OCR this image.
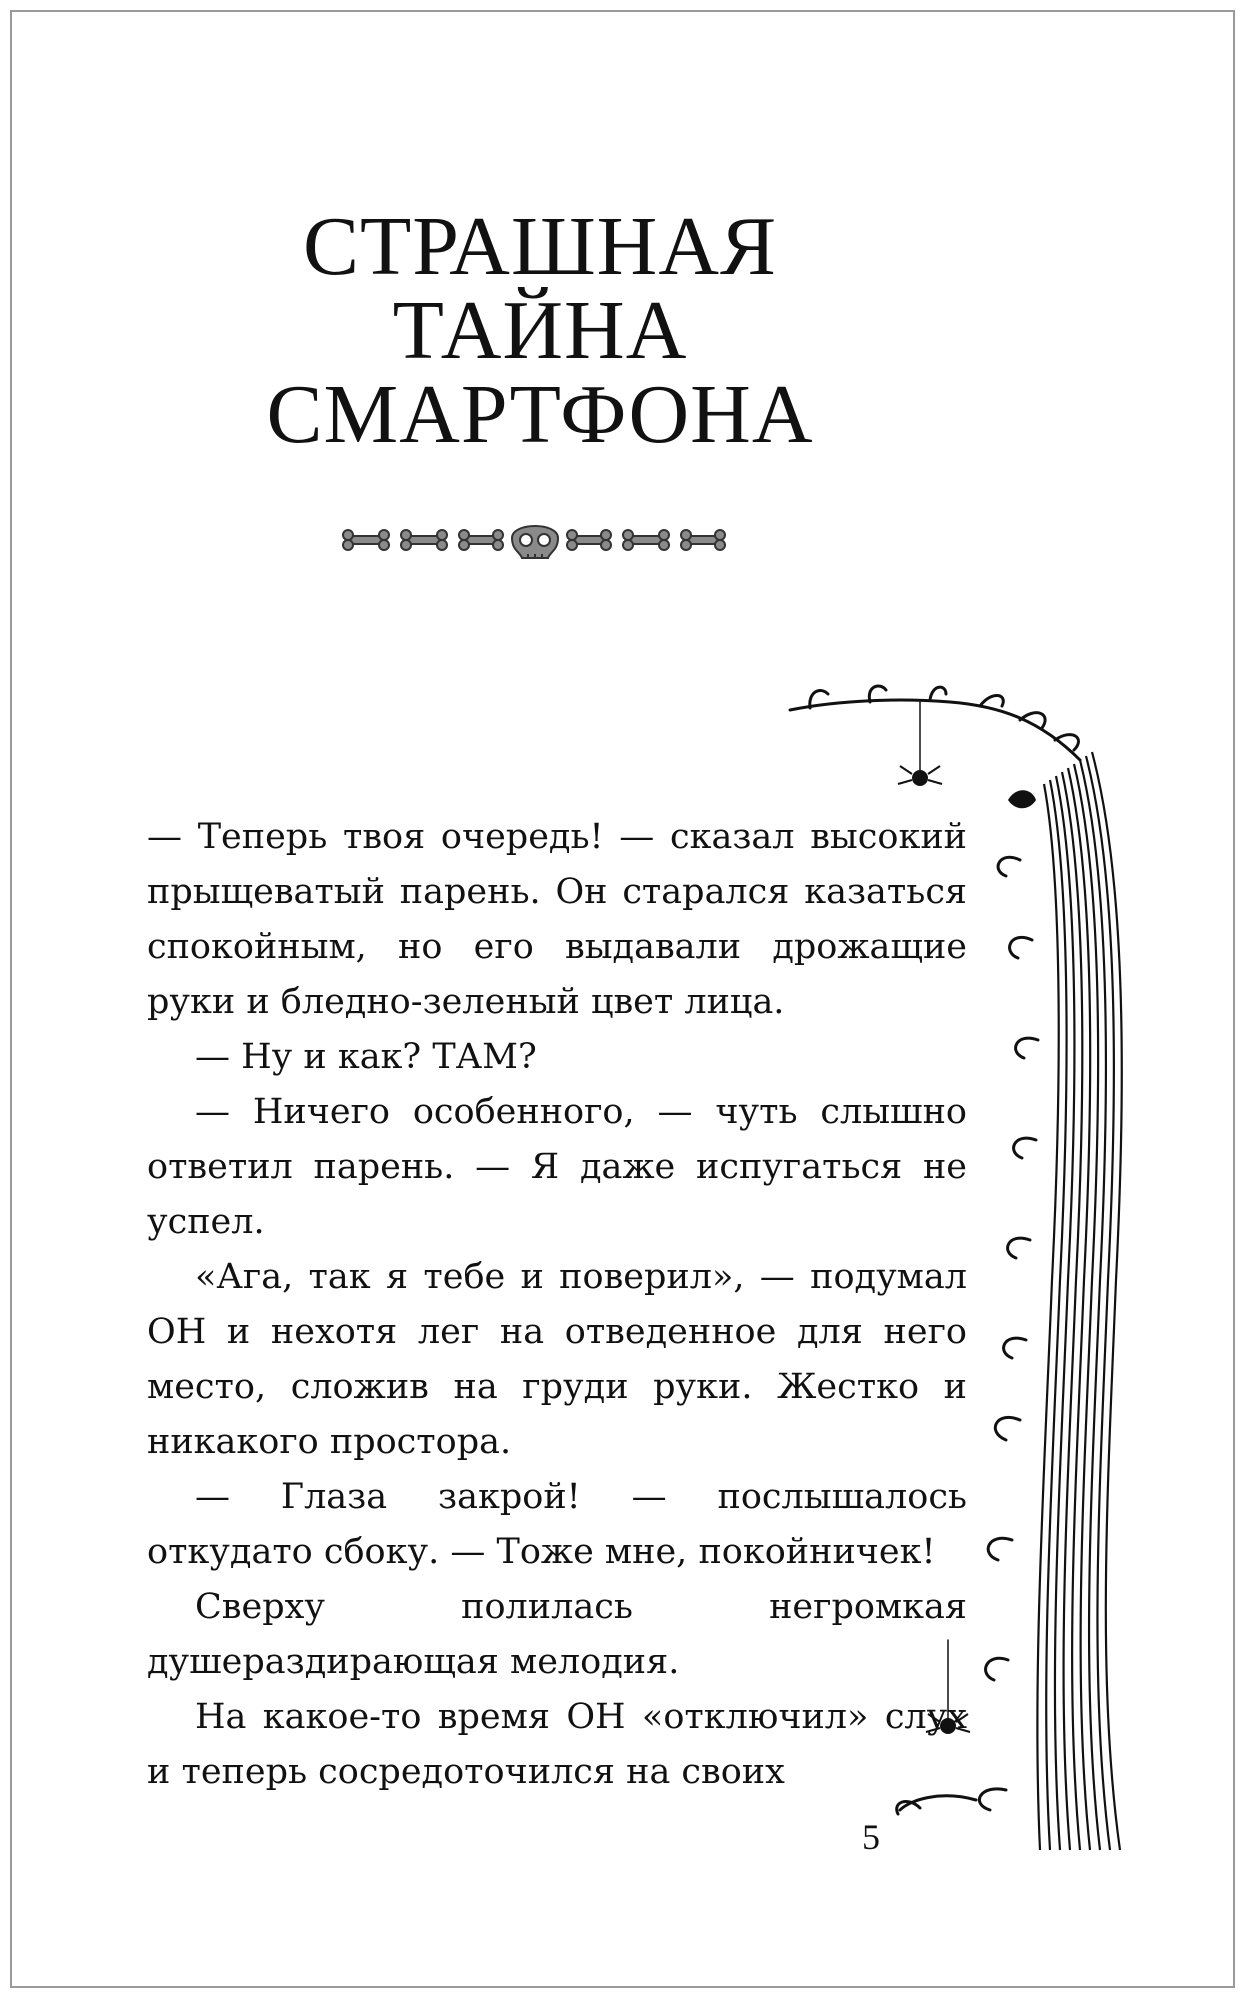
СТРАШНАЯ
ТАЙНА
СМАРТФОНА

— Теперь твоя очередь! — сказал высокий прыщеватый парень. Он старался казаться спокойным, но его выдавали дрожащие руки и бледно-зеленый цвет лица.

— Ну и как? ТАМ?

— Ничего особенного, — чуть слышно ответил парень. — Я даже испугаться не успел.

«Ага, так я тебе и поверил», — подумал ОН и нехотя лег на отведенное для него место, сложив на груди руки. Жестко и никакого простора.

— Глаза закрой! — послышалось откудато сбоку. — Тоже мне, покойничек!

Сверху полилась негромкая душераздирающая мелодия.

На какое-то время ОН «отключил» слух и теперь сосредоточился на своих

5
